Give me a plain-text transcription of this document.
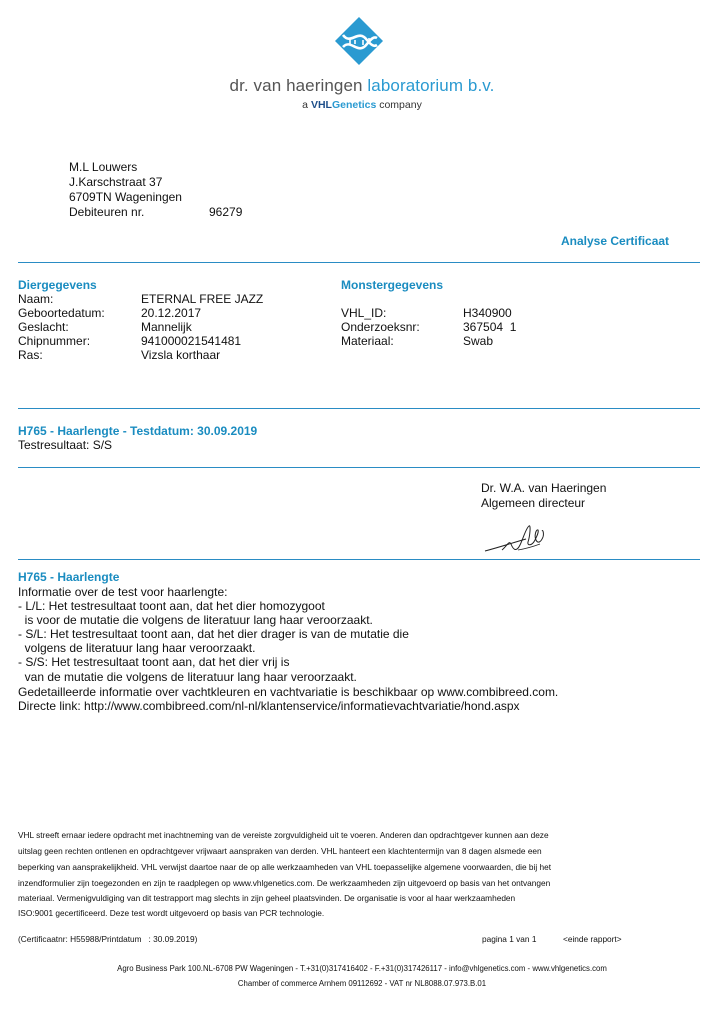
dr. van haeringen laboratorium b.v.
a VHLGenetics company
M.L Louwers
J.Karschstraat 37
6709TN Wageningen
Debiteuren nr.	96279
Analyse Certificaat
Diergegevens
Naam:	ETERNAL FREE JAZZ
Geboortedatum:	20.12.2017
Geslacht:	Mannelijk
Chipnummer:	941000021541481
Ras:	Vizsla korthaar
Monstergegevens
VHL_ID:	H340900
Onderzoeksnr:	367504  1
Materiaal:	Swab
H765 - Haarlengte - Testdatum: 30.09.2019
Testresultaat: S/S
Dr. W.A. van Haeringen
Algemeen directeur
H765 - Haarlengte
Informatie over de test voor haarlengte:
- L/L: Het testresultaat toont aan, dat het dier homozygoot
is voor de mutatie die volgens de literatuur lang haar veroorzaakt.
- S/L: Het testresultaat toont aan, dat het dier drager is van de mutatie die
volgens de literatuur lang haar veroorzaakt.
- S/S: Het testresultaat toont aan, dat het dier vrij is
van de mutatie die volgens de literatuur lang haar veroorzaakt.
Gedetailleerde informatie over vachtkleuren en vachtvariatie is beschikbaar op www.combibreed.com.
Directe link: http://www.combibreed.com/nl-nl/klantenservice/informatievachtvariatie/hond.aspx
VHL streeft ernaar iedere opdracht met inachtneming van de vereiste zorgvuldigheid uit te voeren. Anderen dan opdrachtgever kunnen aan deze
uitslag geen rechten ontlenen en opdrachtgever vrijwaart aanspraken van derden. VHL hanteert een klachtentermijn van 8 dagen alsmede een
beperking van aansprakelijkheid. VHL verwijst daartoe naar de op alle werkzaamheden van VHL toepasselijke algemene voorwaarden, die bij het
inzendformulier zijn toegezonden en zijn te raadplegen op www.vhlgenetics.com. De werkzaamheden zijn uitgevoerd op basis van het ontvangen
materiaal. Vermenigvuldiging van dit testrapport mag slechts in zijn geheel plaatsvinden. De organisatie is voor al haar werkzaamheden
ISO:9001 gecertificeerd. Deze test wordt uitgevoerd op basis van PCR technologie.
(Certificaatnr: H55988/Printdatum   : 30.09.2019)	pagina 1 van 1	<einde rapport>
Agro Business Park 100.NL-6708 PW Wageningen - T.+31(0)317416402 - F.+31(0)317426117 - info@vhlgenetics.com - www.vhlgenetics.com
Chamber of commerce Arnhem 09112692 - VAT nr NL8088.07.973.B.01
